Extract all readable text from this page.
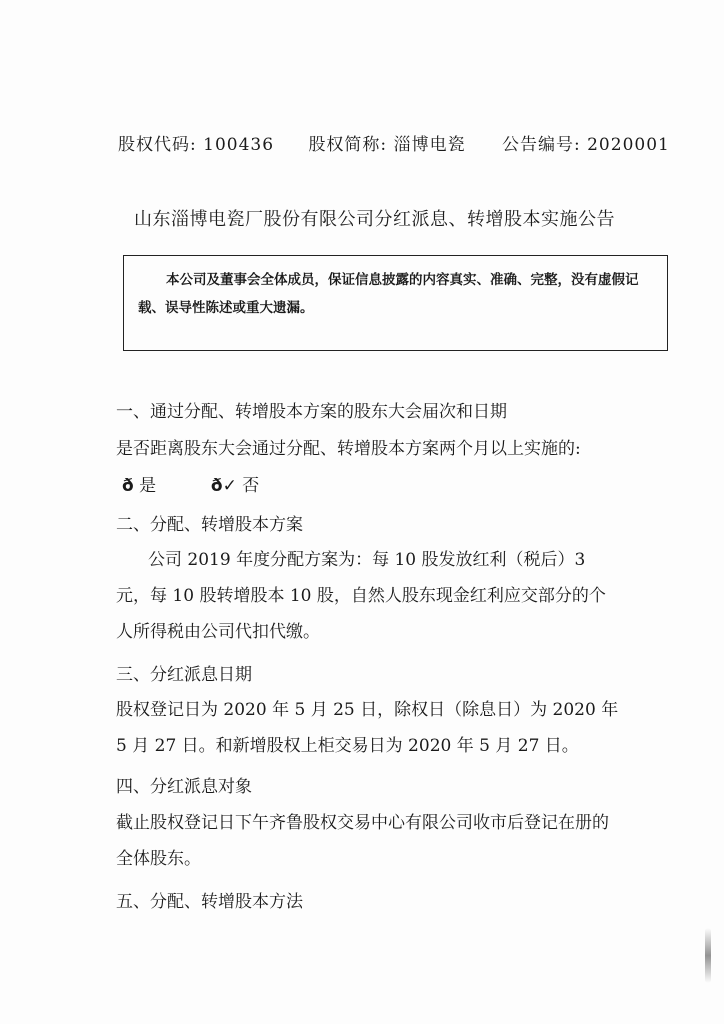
股权代码: 100436 股权简称: 淄博电瓷 公告编号: 2020001
山东淄博电瓷厂股份有限公司分红派息、转增股本实施公告
本公司及董事会全体成员，保证信息披露的内容真实、准确、完整，没有虚假记载、误导性陈述或重大遗漏。
一、通过分配、转增股本方案的股东大会届次和日期
是否距离股东大会通过分配、转增股本方案两个月以上实施的:
ð 是	ð✓ 否
二、分配、转增股本方案
公司 2019 年度分配方案为：每 10 股发放红利（税后）3 元，每 10 股转增股本 10 股，自然人股东现金红利应交部分的个人所得税由公司代扣代缴。
三、分红派息日期
股权登记日为 2020 年 5 月 25 日，除权日（除息日）为 2020 年 5 月 27 日。和新增股权上柜交易日为 2020 年 5 月 27 日。
四、分红派息对象
截止股权登记日下午齐鲁股权交易中心有限公司收市后登记在册的全体股东。
五、分配、转增股本方法
